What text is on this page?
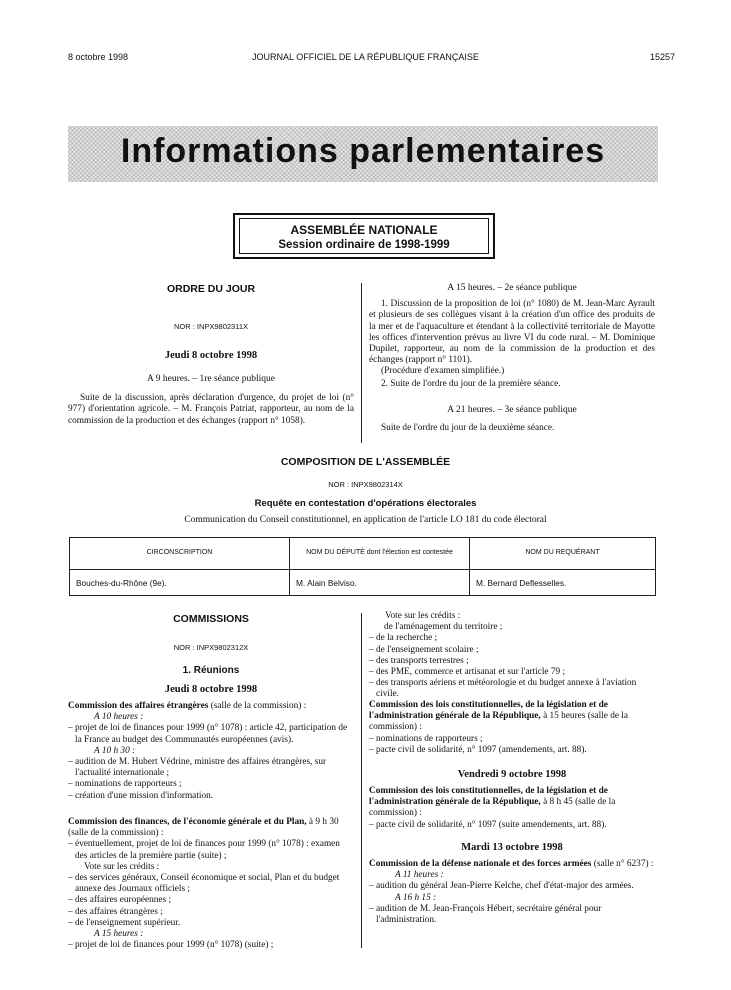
8 octobre 1998	JOURNAL OFFICIEL DE LA RÉPUBLIQUE FRANÇAISE	15257
Informations parlementaires
ASSEMBLÉE NATIONALE
Session ordinaire de 1998-1999
ORDRE DU JOUR
NOR : INPX9802311X
Jeudi 8 octobre 1998
A 9 heures. – 1re séance publique
Suite de la discussion, après déclaration d'urgence, du projet de loi (n° 977) d'orientation agricole. – M. François Patriat, rapporteur, au nom de la commission de la production et des échanges (rapport n° 1058).
A 15 heures. – 2e séance publique
1. Discussion de la proposition de loi (n° 1080) de M. Jean-Marc Ayrault et plusieurs de ses collègues visant à la création d'un office des produits de la mer et de l'aquaculture et étendant à la collectivité territoriale de Mayotte les offices d'intervention prévus au livre VI du code rural. – M. Dominique Dupilet, rapporteur, au nom de la commission de la production et des échanges (rapport n° 1101).
(Procédure d'examen simplifiée.)
2. Suite de l'ordre du jour de la première séance.
A 21 heures. – 3e séance publique
Suite de l'ordre du jour de la deuxième séance.
COMPOSITION DE L'ASSEMBLÉE
NOR : INPX9802314X
Requête en contestation d'opérations électorales
Communication du Conseil constitutionnel, en application de l'article LO 181 du code électoral
CIRCONSCRIPTION	NOM DU DÉPUTÉ dont l'élection est contestée	NOM DU REQUÉRANT
Bouches-du-Rhône (9e).	M. Alain Belviso.	M. Bernard Deflesselles.
COMMISSIONS
NOR : INPX9802312X
1. Réunions
Jeudi 8 octobre 1998
Commission des affaires étrangères (salle de la commission) :
A 10 heures :
– projet de loi de finances pour 1999 (n° 1078) : article 42, participation de la France au budget des Communautés européennes (avis).
A 10 h 30 :
– audition de M. Hubert Védrine, ministre des affaires étrangères, sur l'actualité internationale ;
– nominations de rapporteurs ;
– création d'une mission d'information.
Commission des finances, de l'économie générale et du Plan, à 9 h 30 (salle de la commission) :
– éventuellement, projet de loi de finances pour 1999 (n° 1078) : examen des articles de la première partie (suite) ;
Vote sur les crédits :
– des services généraux, Conseil économique et social, Plan et du budget annexe des Journaux officiels ;
– des affaires européennes ;
– des affaires étrangères ;
– de l'enseignement supérieur.
A 15 heures :
– projet de loi de finances pour 1999 (n° 1078) (suite) ;
Vote sur les crédits :
de l'aménagement du territoire ;
– de la recherche ;
– de l'enseignement scolaire ;
– des transports terrestres ;
– des PME, commerce et artisanat et sur l'article 79 ;
– des transports aériens et météorologie et du budget annexe à l'aviation civile.
Commission des lois constitutionnelles, de la législation et de l'administration générale de la République, à 15 heures (salle de la commission) :
– nominations de rapporteurs ;
– pacte civil de solidarité, n° 1097 (amendements, art. 88).
Vendredi 9 octobre 1998
Commission des lois constitutionnelles, de la législation et de l'administration générale de la République, à 8 h 45 (salle de la commission) :
– pacte civil de solidarité, n° 1097 (suite amendements, art. 88).
Mardi 13 octobre 1998
Commission de la défense nationale et des forces armées (salle n° 6237) :
A 11 heures :
– audition du général Jean-Pierre Kelche, chef d'état-major des armées.
A 16 h 15 :
– audition de M. Jean-François Hébert, secrétaire général pour l'administration.
